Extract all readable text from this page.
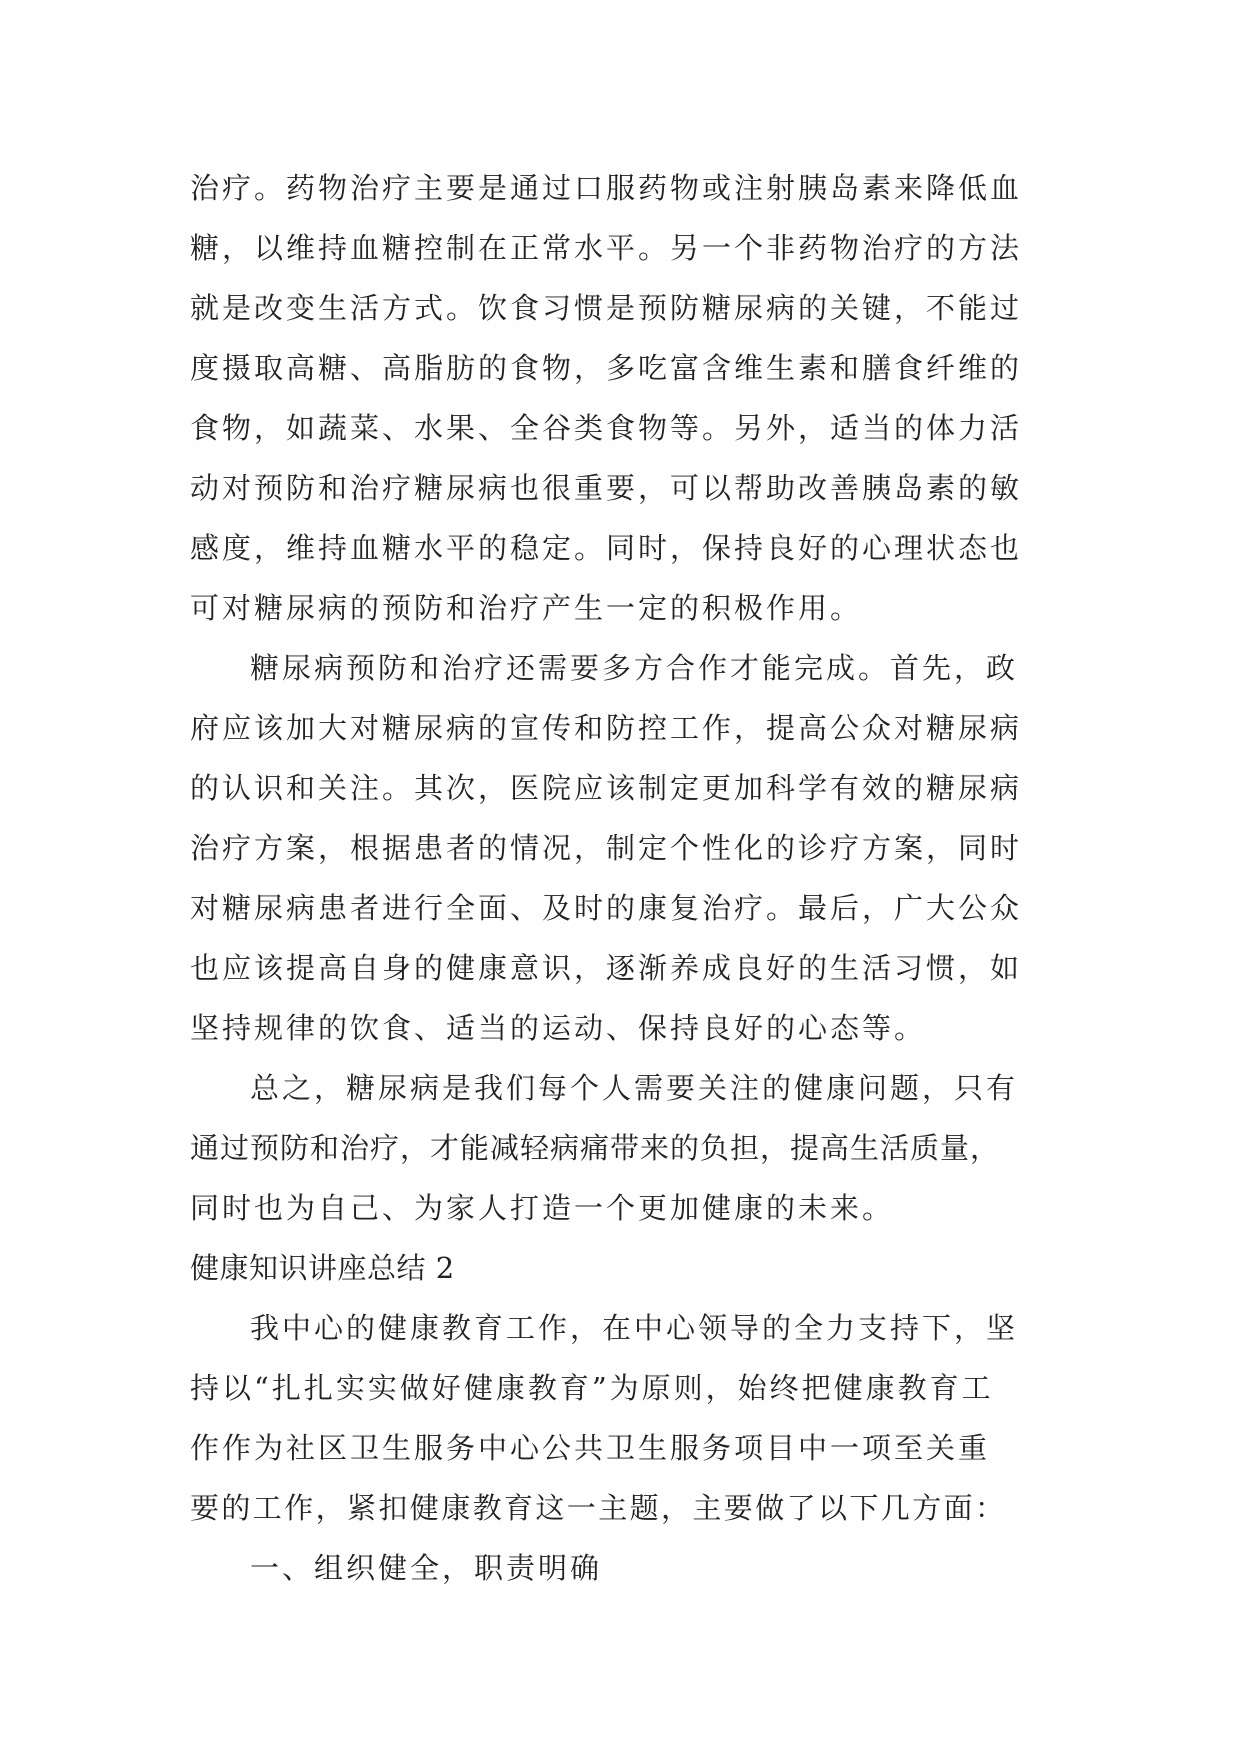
治疗。药物治疗主要是通过口服药物或注射胰岛素来降低血
糖，以维持血糖控制在正常水平。另一个非药物治疗的方法
就是改变生活方式。饮食习惯是预防糖尿病的关键，不能过
度摄取高糖、高脂肪的食物，多吃富含维生素和膳食纤维的
食物，如蔬菜、水果、全谷类食物等。另外，适当的体力活
动对预防和治疗糖尿病也很重要，可以帮助改善胰岛素的敏
感度，维持血糖水平的稳定。同时，保持良好的心理状态也
可对糖尿病的预防和治疗产生一定的积极作用。
糖尿病预防和治疗还需要多方合作才能完成。首先，政
府应该加大对糖尿病的宣传和防控工作，提高公众对糖尿病
的认识和关注。其次，医院应该制定更加科学有效的糖尿病
治疗方案，根据患者的情况，制定个性化的诊疗方案，同时
对糖尿病患者进行全面、及时的康复治疗。最后，广大公众
也应该提高自身的健康意识，逐渐养成良好的生活习惯，如
坚持规律的饮食、适当的运动、保持良好的心态等。
总之，糖尿病是我们每个人需要关注的健康问题，只有
通过预防和治疗，才能减轻病痛带来的负担，提高生活质量，
同时也为自己、为家人打造一个更加健康的未来。
健康知识讲座总结 2
我中心的健康教育工作，在中心领导的全力支持下，坚
持以“扎扎实实做好健康教育”为原则，始终把健康教育工
作作为社区卫生服务中心公共卫生服务项目中一项至关重
要的工作，紧扣健康教育这一主题，主要做了以下几方面：
一、组织健全，职责明确
